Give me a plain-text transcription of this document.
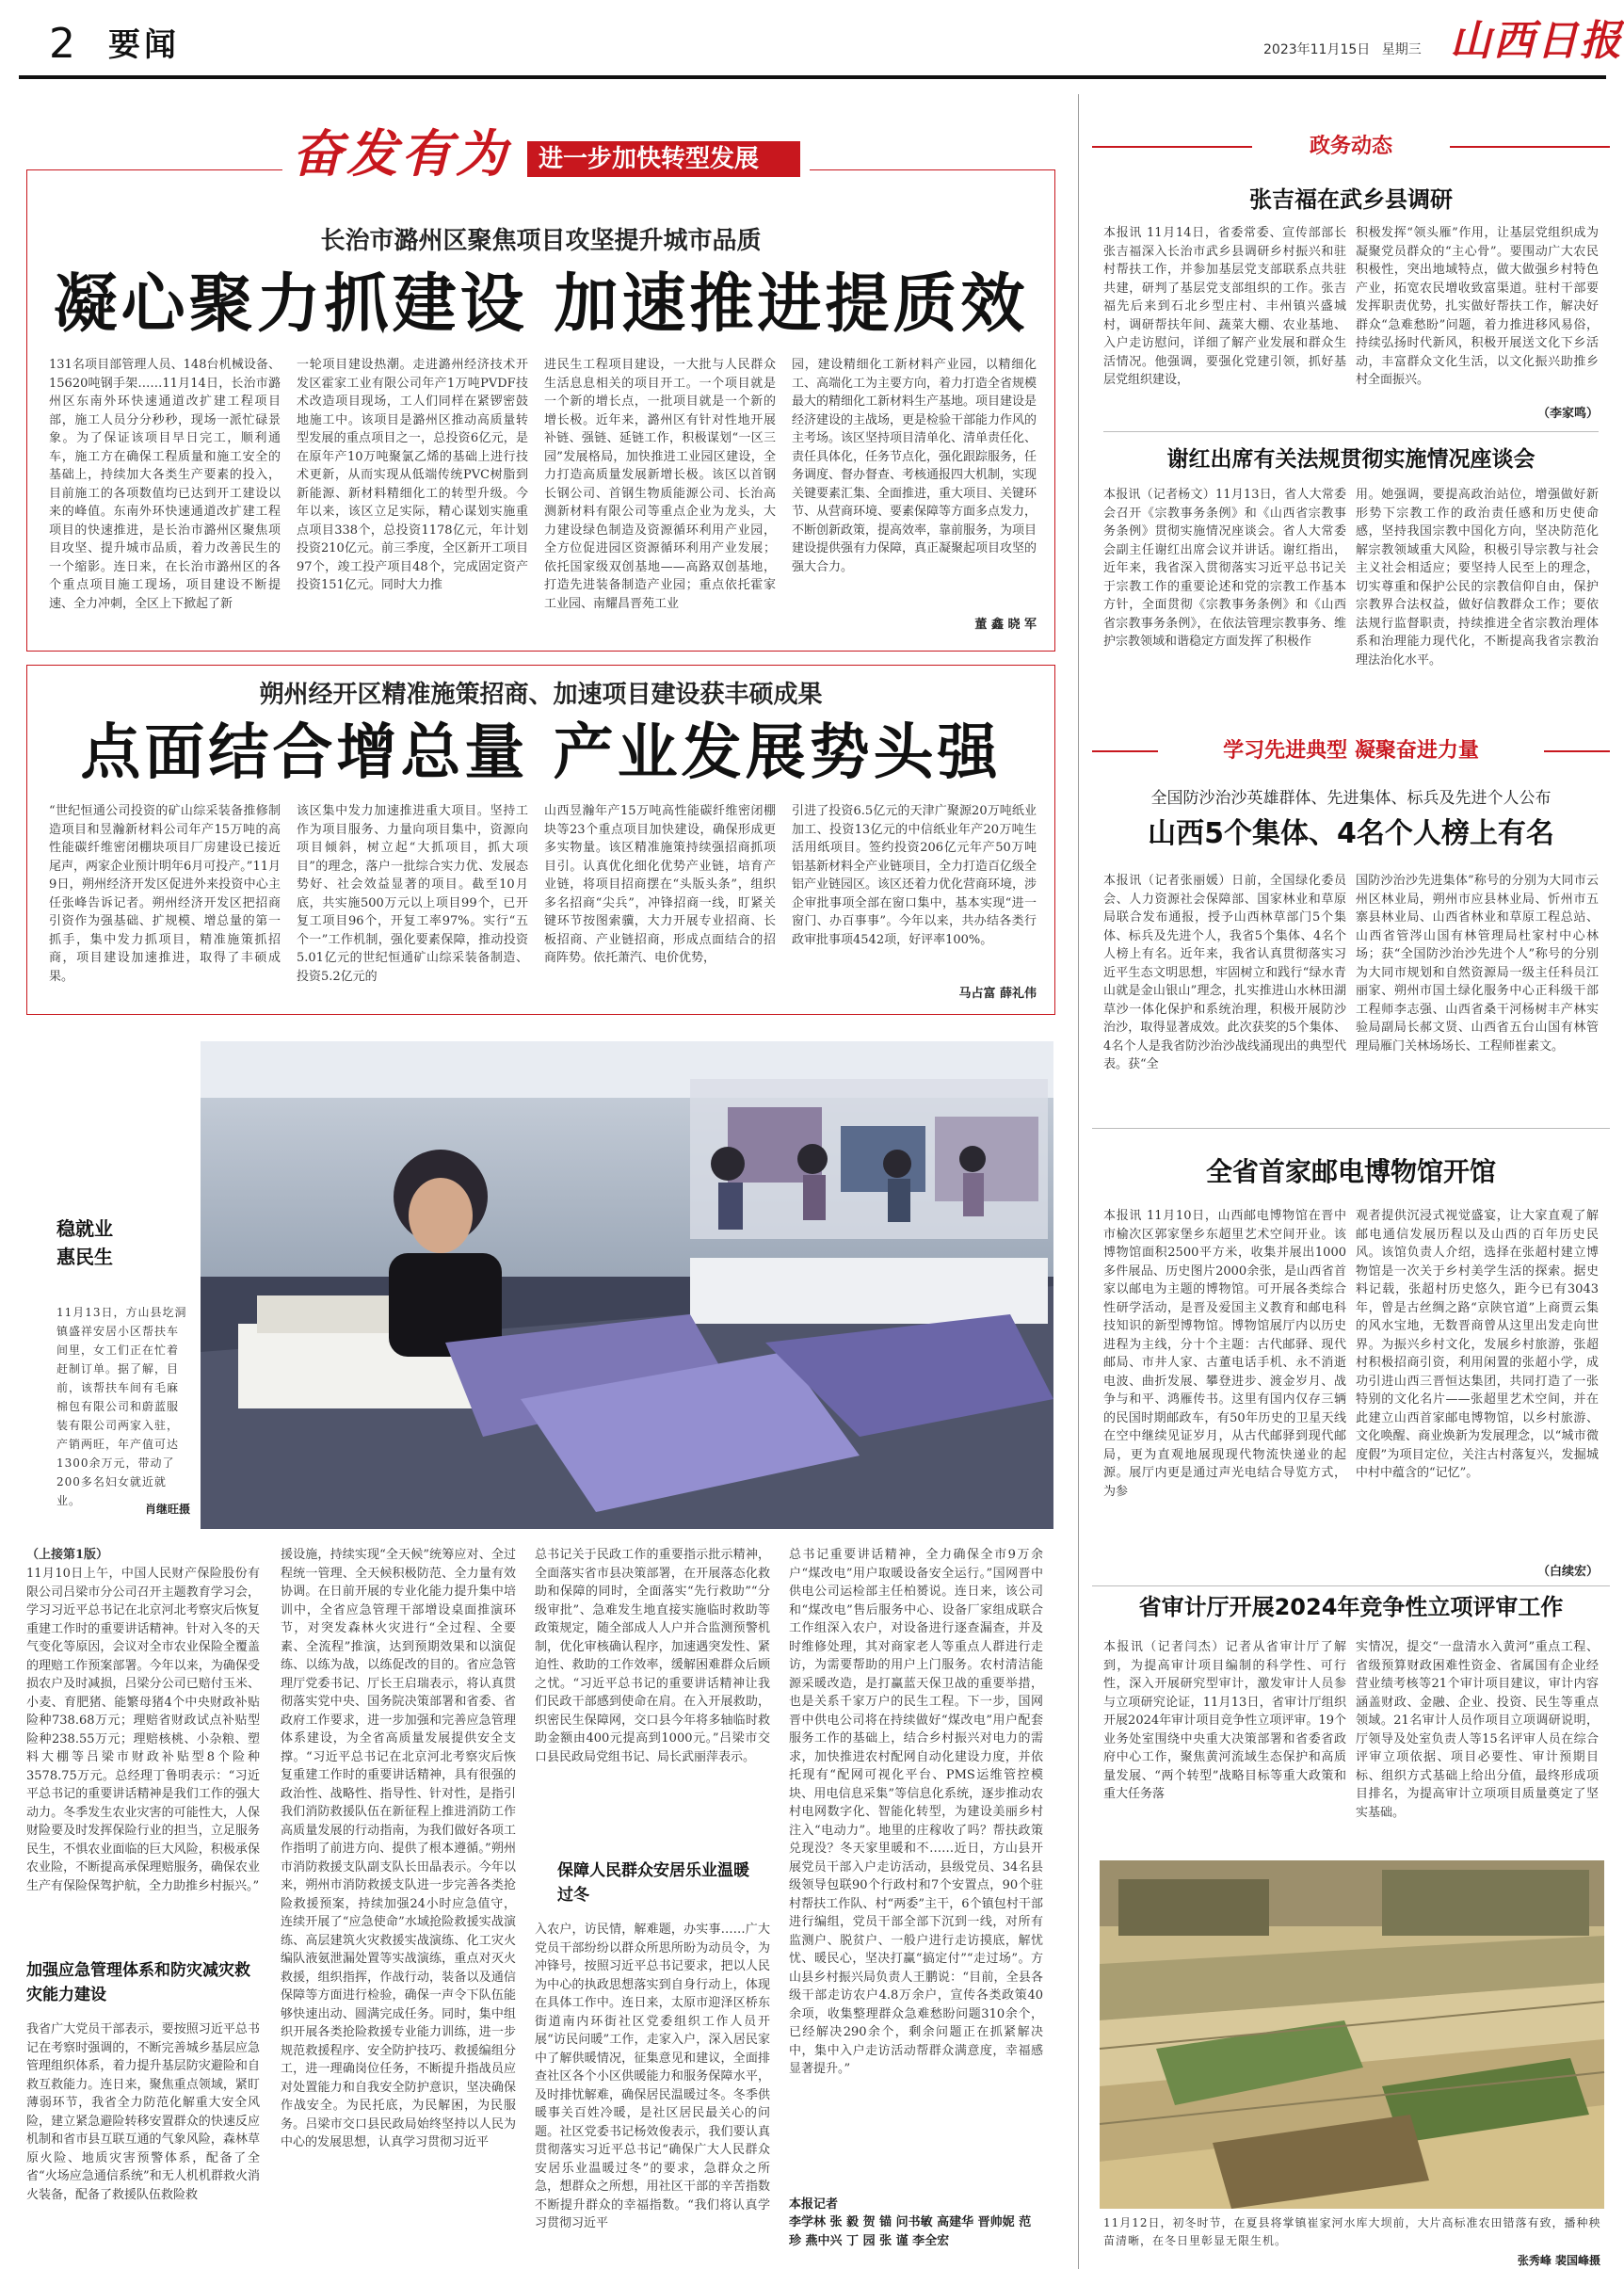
2 要闻	2023年11月15日 星期三 山西日报
奋发有为 进一步加快转型发展
长治市潞州区聚焦项目攻坚提升城市品质
凝心聚力抓建设 加速推进提质效
131名项目部管理人员、148台机械设备、15620吨钢手架……11月14日，长治市潞州区东南外环快速通道改扩建工程项目部，施工人员分分秒秒，现场一派忙碌景象。为了保证该项目早日完工，顺利通车，施工方在确保工程质量和施工安全的基础上，持续加大各类生产要素的投入，目前施工的各项数值均已达到开工建设以来的峰值。东南外环快速通道改扩建工程项目的快速推进，是长治市潞州区聚焦项目攻坚、提升城市品质，着力改善民生的一个缩影。连日来，在长治市潞州区的各个重点项目施工现场，项目建设不断提速、全力冲刺，全区上下掀起了新
一轮项目建设热潮。走进潞州经济技术开发区霍家工业有限公司年产1万吨PVDF技术改造项目现场，工人们同样在紧锣密鼓地施工中。该项目是潞州区推动高质量转型发展的重点项目之一，总投资6亿元，是在原年产10万吨聚氯乙烯的基础上进行技术更新，从而实现从低端传统PVC树脂到新能源、新材料精细化工的转型升级。今年以来，该区立足实际，精心谋划实施重点项目338个，总投资1178亿元，年计划投资210亿元。前三季度，全区新开工项目97个，竣工投产项目48个，完成固定资产投资151亿元。同时大力推
进民生工程项目建设，一大批与人民群众生活息息相关的项目开工。一个项目就是一个新的增长点，一批项目就是一个新的增长极。近年来，潞州区有针对性地开展补链、强链、延链工作，积极谋划“一区三园”发展格局，加快推进工业园区建设，全力打造高质量发展新增长极。该区以首钢长钢公司、首钢生物质能源公司、长治高测新材料有限公司等重点企业为龙头，大力建设绿色制造及资源循环利用产业园，全方位促进园区资源循环利用产业发展；依托国家级双创基地——高路双创基地，打造先进装备制造产业园；重点依托霍家工业园、南耀昌晋苑工业
园，建设精细化工新材料产业园，以精细化工、高端化工为主要方向，着力打造全省规模最大的精细化工新材料生产基地。项目建设是经济建设的主战场，更是检验干部能力作风的主考场。该区坚持项目清单化、清单责任化、责任具体化，任务节点化，强化跟踪服务，任务调度、督办督查、考核通报四大机制，实现关键要素汇集、全面推进，重大项目、关键环节、从营商环境、要素保障等方面多点发力，不断创新政策，提高效率，靠前服务，为项目建设提供强有力保障，真正凝聚起项目攻坚的强大合力。
董 鑫 晓 军
朔州经开区精准施策招商、加速项目建设获丰硕成果
点面结合增总量 产业发展势头强
“世纪恒通公司投资的矿山综采装备推修制造项目和昱瀚新材料公司年产15万吨的高性能碳纤维密闭棚块项目厂房建设已接近尾声，两家企业预计明年6月可投产。”11月9日，朔州经济开发区促进外来投资中心主任张峰告诉记者。朔州经济开发区把招商引资作为强基础、扩规模、增总量的第一抓手，集中发力抓项目，精准施策抓招商，项目建设加速推进，取得了丰硕成果。
该区集中发力加速推进重大项目。坚持工作为项目服务、力量向项目集中，资源向项目倾斜，树立起“大抓项目，抓大项目”的理念，落户一批综合实力优、发展态势好、社会效益显著的项目。截至10月底，共实施500万元以上项目99个，已开复工项目96个，开复工率97%。实行“五个一”工作机制，强化要素保障，推动投资5.01亿元的世纪恒通矿山综采装备制造、投资5.2亿元的
山西昱瀚年产15万吨高性能碳纤维密闭棚块等23个重点项目加快建设，确保形成更多实物量。该区精准施策持续强招商抓项目引。认真优化细化优势产业链，培育产业链，将项目招商摆在“头版头条”，组织多名招商“尖兵”，冲锋招商一线，盯紧关键环节按图索骥，大力开展专业招商、长板招商、产业链招商，形成点面结合的招商阵势。依托萧汽、电价优势，
引进了投资6.5亿元的天津广聚源20万吨纸业加工、投资13亿元的中信纸业年产20万吨生活用纸项目。签约投资206亿元年产50万吨铝基新材料全产业链项目，全力打造百亿级全铝产业链园区。该区还着力优化营商环境，涉企审批事项全部在窗口集中，基本实现“进一窗门、办百事事”。今年以来，共办结各类行政审批事项4542项，好评率100%。
马占富 薛礼伟
稳就业
惠民生
11月13日，方山县圪洞镇盛祥安居小区帮扶车间里，女工们正在忙着赶制订单。据了解，目前，该帮扶车间有毛麻棉包有限公司和蔚蓝服装有限公司两家入驻，产销两旺，年产值可达1300余万元，带动了200多名妇女就近就业。
肖继旺摄
（上接第1版）
11月10日上午，中国人民财产保险股份有限公司吕梁市分公司召开主题教育学习会，学习习近平总书记在北京河北考察灾后恢复重建工作时的重要讲话精神。针对入冬的天气变化等原因，会议对全市农业保险全覆盖的理赔工作预案部署。今年以来，为确保受损农户及时减损，吕梁分公司已赔付玉米、小麦、育肥猪、能繁母猪4个中央财政补贴险种738.68万元；理赔省财政试点补贴型险种238.55万元；理赔核桃、小杂粮、塑料大棚等吕梁市财政补贴型8个险种3578.75万元。总经理丁鲁明表示：“习近平总书记的重要讲话精神是我们工作的强大动力。冬季发生农业灾害的可能性大，人保财险要及时发挥保险行业的担当，立足服务民生，不惧农业面临的巨大风险，积极承保农业险，不断提高承保理赔服务，确保农业生产有保险保驾护航，全力助推乡村振兴。”
加强应急管理体系和防灾减灾救灾能力建设
我省广大党员干部表示，要按照习近平总书记在考察时强调的，不断完善城乡基层应急管理组织体系，着力提升基层防灾避险和自救互救能力。连日来，聚焦重点领域，紧盯薄弱环节，我省全力防范化解重大安全风险，建立紧急避险转移安置群众的快速反应机制和省市县互联互通的气象风险，森林草原火险、地质灾害预警体系，配备了全省“火场应急通信系统”和无人机机群救火消火装备，配备了救援队伍救险救
援设施，持续实现“全天候”统筹应对、全过程统一管理、全天候积极防范、全力量有效协调。在日前开展的专业化能力提升集中培训中，全省应急管理干部增设桌面推演环节，对突发森林火灾进行“全过程、全要素、全流程”推演，达到预期效果和以演促练、以练为战，以练促改的目的。省应急管理厅党委书记、厅长王启瑞表示，将认真贯彻落实党中央、国务院决策部署和省委、省政府工作要求，进一步加强和完善应急管理体系建设，为全省高质量发展提供安全支撑。“习近平总书记在北京河北考察灾后恢复重建工作时的重要讲话精神，具有很强的政治性、战略性、指导性、针对性，是指引我们消防救援队伍在新征程上推进消防工作高质量发展的行动指南，为我们做好各项工作指明了前进方向、提供了根本遵循。”朔州市消防救援支队副支队长田晶表示。今年以来，朔州市消防救援支队进一步完善各类抢险救援预案，持续加强24小时应急值守，连续开展了“应急使命”水域抢险救援实战演练、高层建筑火灾救援实战演练、化工灾火编队液氨泄漏处置等实战演练，重点对灭火救援，组织指挥，作战行动，装备以及通信保障等方面进行检验，确保一声令下队伍能够快速出动、圆满完成任务。同时，集中组织开展各类抢险救援专业能力训练，进一步规范救援程序、安全防护技巧、救援编组分工，进一理确岗位任务，不断提升指战员应对处置能力和自我安全防护意识，坚决确保作战安全。为民托底，为民解困，为民服务。吕梁市交口县民政局始终坚持以人民为中心的发展思想，认真学习贯彻习近平
总书记关于民政工作的重要指示批示精神，全面落实省市县决策部署，在开展落态化救助和保障的同时，全面落实“先行救助”“分级审批”、急难发生地直接实施临时救助等政策规定，随全部成人人户并合监测预警机制，优化审核确认程序，加速遇突发性、紧迫性、救助的工作效率，缓解困难群众后顾之忧。“习近平总书记的重要讲话精神让我们民政干部感到使命在肩。在入开展救助，织密民生保障网，交口县今年将多轴临时救助金额由400元提高到1000元。”吕梁市交口县民政局党组书记、局长武丽萍表示。
保障人民群众安居乐业温暖过冬
入农户，访民情，解难题，办实事……广大党员干部纷纷以群众所思所盼为动员令，为冲锋号，按照习近平总书记要求，把以人民为中心的执政思想落实到自身行动上，体现在具体工作中。连日来，太原市迎泽区桥东街道南内环街社区党委组织工作人员开展“访民问暖”工作，走家入户，深入居民家中了解供暖情况，征集意见和建议，全面排查社区各个小区供暖能力和服务保障水平，及时排忧解难，确保居民温暖过冬。冬季供暖事关百姓冷暖，是社区居民最关心的问题。社区党委书记杨效俊表示，我们要认真贯彻落实习近平总书记“确保广大人民群众安居乐业温暖过冬”的要求，急群众之所急，想群众之所想，用社区干部的辛苦指数不断提升群众的幸福指数。“我们将认真学习贯彻习近平
总书记重要讲话精神，全力确保全市9万余户“煤改电”用户取暖设备安全运行。”国网晋中供电公司运检部主任柏赟说。连日来，该公司和“煤改电”售后服务中心、设备厂家组成联合工作组深入农户，对设备进行逐查漏查，并及时维修处理，其对商家老人等重点人群进行走访，为需要帮助的用户上门服务。农村清洁能源采暖改造，是打赢蓝天保卫战的重要举措，也是关系千家万户的民生工程。下一步，国网晋中供电公司将在持续做好“煤改电”用户配套服务工作的基础上，结合乡村振兴对电力的需求，加快推进农村配网自动化建设力度，并依托现有“配网可视化平台、PMS运维管控模块、用电信息采集”等信息化系统，逐步推动农村电网数字化、智能化转型，为建设美丽乡村注入“电动力”。地里的庄稼收了吗？帮扶政策兑现没？冬天家里暖和不……近日，方山县开展党员干部入户走访活动，县级党员、34名县级领导包联90个行政村和7个安置点，90个驻村帮扶工作队、村“两委”主干，6个镇包村干部进行编组，党员干部全部下沉到一线，对所有监测户、脱贫户、一般户进行走访摸底，解忧忧、暖民心，坚决打赢“搞定付”“走过场”。方山县乡村振兴局负责人王鹏说：“目前，全县各级干部走访农户4.8万余户，宣传各类政策40余项，收集整理群众急难愁盼问题310余个，已经解决290余个，剩余问题正在抓紧解决中，集中入户走访活动帮群众满意度，幸福感显著提升。”
本报记者
李学林 张 毅 贺 锚 问书敏 高建华 晋帅妮 范 珍 燕中兴 丁 园 张 谨 李全宏
政务动态
张吉福在武乡县调研
本报讯 11月14日，省委常委、宣传部部长张吉福深入长治市武乡县调研乡村振兴和驻村帮扶工作，并参加基层党支部联系点共驻共建，研判了基层党支部组织的工作。张吉福先后来到石北乡型庄村、丰州镇兴盛城村，调研帮扶年间、蔬菜大棚、农业基地、入户走访慰问，详细了解产业发展和群众生活情况。他强调，要强化党建引领，抓好基层党组织建设，
积极发挥“领头雁”作用，让基层党组织成为凝聚党员群众的“主心骨”。要围动广大农民积极性，突出地域特点，做大做强乡村特色产业，拓宽农民增收致富渠道。驻村干部要发挥职责优势，扎实做好帮扶工作，解决好群众“急难愁盼”问题，着力推进移风易俗，持续弘扬时代新风，积极开展送文化下乡活动，丰富群众文化生活，以文化振兴助推乡村全面振兴。
（李家鸣）
谢红出席有关法规贯彻实施情况座谈会
本报讯（记者杨文）11月13日，省人大常委会召开《宗教事务条例》和《山西省宗教事务条例》贯彻实施情况座谈会。省人大常委会副主任谢红出席会议并讲话。谢红指出，近年来，我省深入贯彻落实习近平总书记关于宗教工作的重要论述和党的宗教工作基本方针，全面贯彻《宗教事务条例》和《山西省宗教事务条例》，在依法管理宗教事务、维护宗教领域和谐稳定方面发挥了积极作
用。她强调，要提高政治站位，增强做好新形势下宗教工作的政治责任感和历史使命感，坚持我国宗教中国化方向，坚决防范化解宗教领域重大风险，积极引导宗教与社会主义社会相适应；要坚持人民至上的理念，切实尊重和保护公民的宗教信仰自由，保护宗教界合法权益，做好信教群众工作；要依法规行监督职责，持续推进全省宗教治理体系和治理能力现代化，不断提高我省宗教治理法治化水平。
学习先进典型 凝聚奋进力量
全国防沙治沙英雄群体、先进集体、标兵及先进个人公布
山西5个集体、4名个人榜上有名
本报讯（记者张丽媛）日前，全国绿化委员会、人力资源社会保障部、国家林业和草原局联合发布通报，授予山西林草部门5个集体、标兵及先进个人，我省5个集体、4名个人榜上有名。近年来，我省认真贯彻落实习近平生态文明思想，牢固树立和践行“绿水青山就是金山银山”理念，扎实推进山水林田湖草沙一体化保护和系统治理，积极开展防沙治沙，取得显著成效。此次获奖的5个集体、4名个人是我省防沙治沙战线涌现出的典型代表。获“全
国防沙治沙先进集体”称号的分别为大同市云州区林业局，朔州市应县林业局、忻州市五寨县林业局、山西省林业和草原工程总站、山西省管涔山国有林管理局杜家村中心林场；获“全国防沙治沙先进个人”称号的分别为大同市规划和自然资源局一级主任科员江丽家、朔州市国土绿化服务中心正科级干部工程师李志强、山西省桑干河杨树丰产林实验局副局长郝文贤、山西省五台山国有林管理局雁门关林场场长、工程师崔素文。
全省首家邮电博物馆开馆
本报讯 11月10日，山西邮电博物馆在晋中市榆次区郭家堡乡东超里艺术空间开业。该博物馆面积2500平方米，收集并展出1000多件展品、历史图片2000余张，是山西省首家以邮电为主题的博物馆。可开展各类综合性研学活动，是晋及爱国主义教育和邮电科技知识的新型博物馆。博物馆展厅内以历史进程为主线，分十个主题：古代邮驿、现代邮局、市井人家、古董电话手机、永不消逝电波、曲折发展、攀登进步、渡金岁月、战争与和平、鸿雁传书。这里有国内仅存三辆的民国时期邮政车，有50年历史的卫星天线在空中继续见证岁月，从古代邮驿到现代邮局，更为直观地展现现代物流快递业的起源。展厅内更是通过声光电结合导览方式，为参
观者提供沉浸式视觉盛宴，让大家直观了解邮电通信发展历程以及山西的百年历史民风。该馆负责人介绍，选择在张超村建立博物馆是一次关于乡村美学生活的探索。据史料记载，张超村历史悠久，距今已有3043年，曾是古丝绸之路“京陕官道”上商贾云集的风水宝地，无数晋商曾从这里出发走向世界。为振兴乡村文化，发展乡村旅游，张超村积极招商引资，利用闲置的张超小学，成功引进山西三晋恒达集团，共同打造了一张特别的文化名片——张超里艺术空间，并在此建立山西首家邮电博物馆，以乡村旅游、文化唤醒、商业焕新为发展理念，以“城市微度假”为项目定位，关注古村落复兴，发掘城中村中蕴含的“记忆”。
（白续宏）
省审计厅开展2024年竞争性立项评审工作
本报讯（记者闫杰）记者从省审计厅了解到，为提高审计项目编制的科学性、可行性，深入开展研究型审计，激发审计人员参与立项研究论证，11月13日，省审计厅组织开展2024年审计项目竞争性立项评审。19个业务处室围绕中央重大决策部署和省委省政府中心工作，聚焦黄河流域生态保护和高质量发展、“两个转型”战略目标等重大政策和重大任务落
实情况，提交“一盘清水入黄河”重点工程、省级预算财政困难性资金、省属国有企业经营业绩考核等21个审计项目建议，审计内容涵盖财政、金融、企业、投资、民生等重点领域。21名审计人员作项目立项调研说明，厅领导及处室负责人等15名评审人员在综合评审立项依据、项目必要性、审计预期目标、组织方式基础上给出分值，最终形成项目排名，为提高审计立项项目质量奠定了坚实基础。
11月12日，初冬时节，在夏县将掌镇崔家河水库大坝前，大片高标准农田错落有致，播种秧苗清晰，在冬日里彰显无限生机。
张秀峰 裴国峰摄
